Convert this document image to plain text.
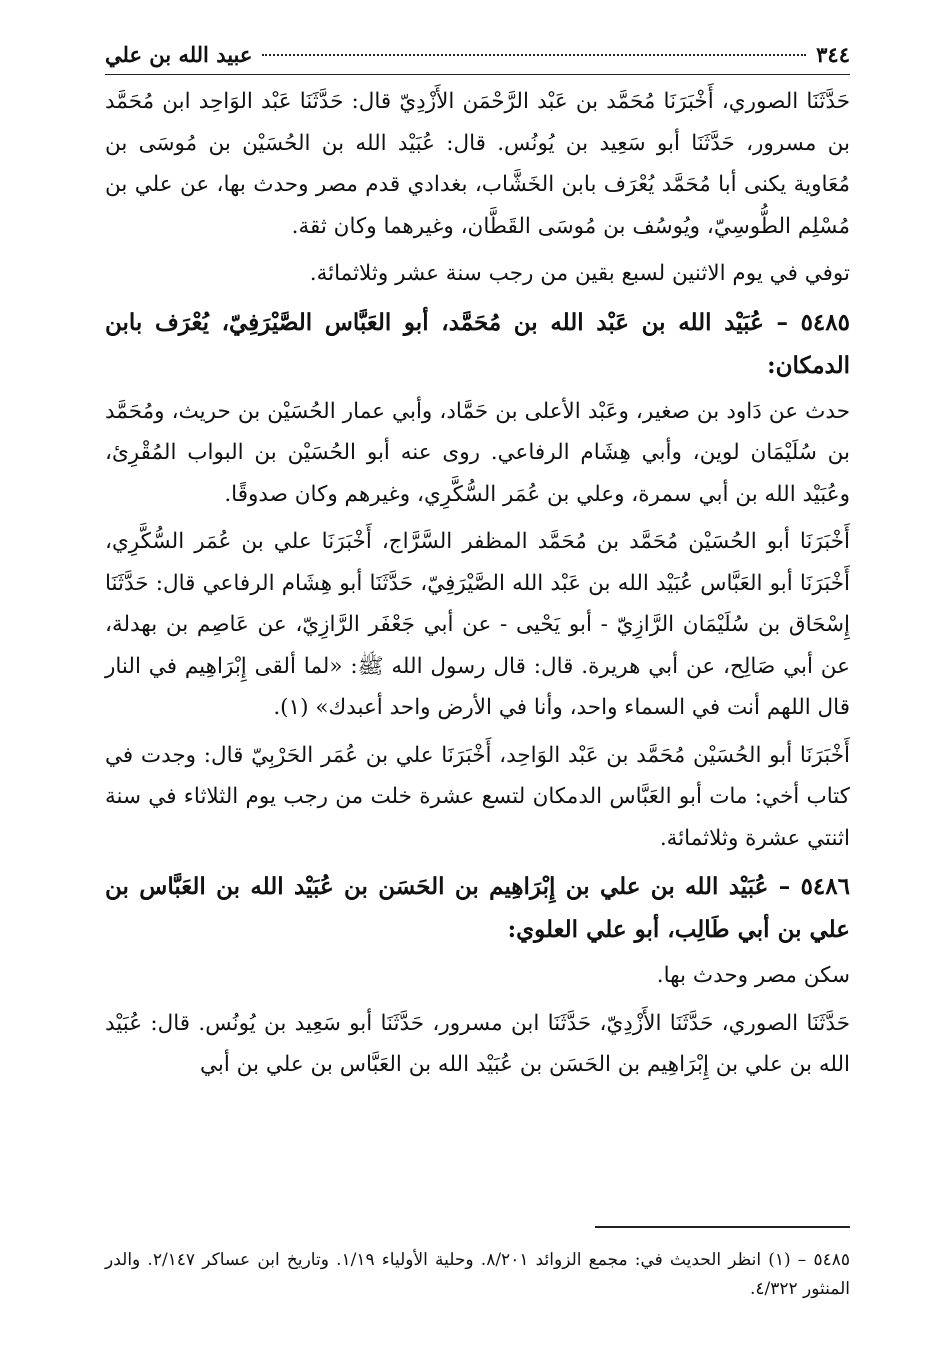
٣٤٤
عبيد الله بن علي

حَدَّثَنَا الصوري، أَخْبَرَنَا مُحَمَّد بن عَبْد الرَّحْمَن الأَزْدِيّ قال: حَدَّثَنَا عَبْد الوَاحِد ابن مُحَمَّد بن مسرور، حَدَّثَنَا أبو سَعِيد بن يُونُس. قال: عُبَيْد الله بن الحُسَيْن بن مُوسَى بن مُعَاوية يكنى أبا مُحَمَّد يُعْرَف بابن الخَشَّاب، بغدادي قدم مصر وحدث بها، عن علي بن مُسْلِم الطُّوسِيّ، ويُوسُف بن مُوسَى القَطَّان، وغيرهما وكان ثقة.

توفي في يوم الاثنين لسبع بقين من رجب سنة عشر وثلاثمائة.

٥٤٨٥ – عُبَيْد الله بن عَبْد الله بن مُحَمَّد، أبو العَبَّاس الصَّيْرَفِيّ، يُعْرَف بابن الدمكان:

حدث عن دَاود بن صغير، وعَبْد الأعلى بن حَمَّاد، وأبي عمار الحُسَيْن بن حريث، ومُحَمَّد بن سُلَيْمَان لوين، وأبي هِشَام الرفاعي. روى عنه أبو الحُسَيْن بن البواب المُقْرِئ، وعُبَيْد الله بن أبي سمرة، وعلي بن عُمَر السُّكَّرِي، وغيرهم وكان صدوقًا.

أَخْبَرَنَا أبو الحُسَيْن مُحَمَّد بن مُحَمَّد المظفر السَّرَّاج، أَخْبَرَنَا علي بن عُمَر السُّكَّرِي، أَخْبَرَنَا أبو العَبَّاس عُبَيْد الله بن عَبْد الله الصَّيْرَفِيّ، حَدَّثَنَا أبو هِشَام الرفاعي قال: حَدَّثَنَا إِسْحَاق بن سُلَيْمَان الرَّازِيّ - أبو يَحْيى - عن أبي جَعْفَر الرَّازِيّ، عن عَاصِم بن بهدلة، عن أبي صَالِح، عن أبي هريرة. قال: قال رسول الله ﷺ: «لما ألقى إِبْرَاهِيم في النار قال اللهم أنت في السماء واحد، وأنا في الأرض واحد أعبدك» (١).

أَخْبَرَنَا أبو الحُسَيْن مُحَمَّد بن عَبْد الوَاحِد، أَخْبَرَنَا علي بن عُمَر الحَرْبِيّ قال: وجدت في كتاب أخي: مات أبو العَبَّاس الدمكان لتسع عشرة خلت من رجب يوم الثلاثاء في سنة اثنتي عشرة وثلاثمائة.

٥٤٨٦ – عُبَيْد الله بن علي بن إِبْرَاهِيم بن الحَسَن بن عُبَيْد الله بن العَبَّاس بن علي بن أبي طَالِب، أبو علي العلوي:

سكن مصر وحدث بها.

حَدَّثَنَا الصوري، حَدَّثَنَا الأَزْدِيّ، حَدَّثَنَا ابن مسرور، حَدَّثَنَا أبو سَعِيد بن يُونُس. قال: عُبَيْد الله بن علي بن إِبْرَاهِيم بن الحَسَن بن عُبَيْد الله بن العَبَّاس بن علي بن أبي

٥٤٨٥ – (١) انظر الحديث في: مجمع الزوائد ٨/٢٠١. وحلية الأولياء ١/١٩. وتاريخ ابن عساكر ٢/١٤٧. والدر المنثور ٤/٣٢٢.
